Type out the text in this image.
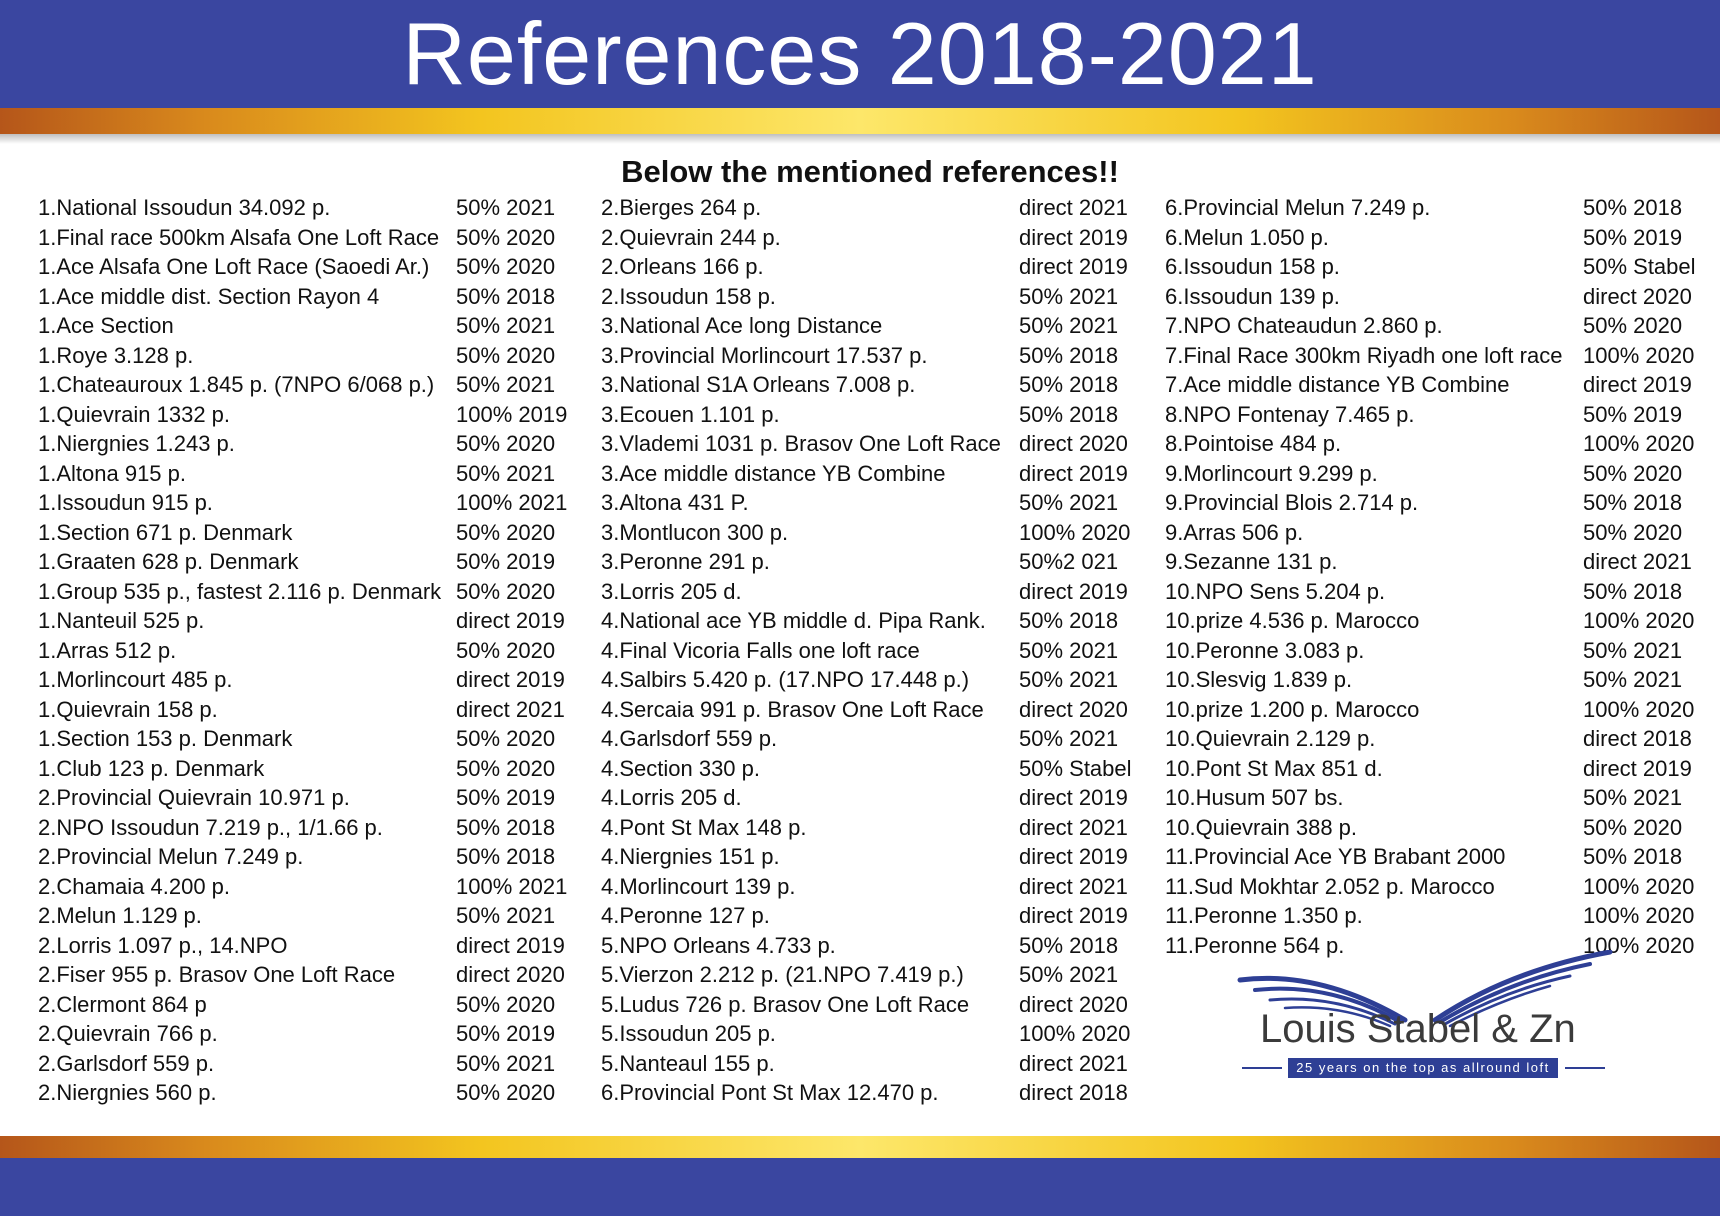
References 2018-2021
Below the mentioned references!!
1.National Issoudun 34.092 p.	50% 2021
1.Final race 500km Alsafa One Loft Race 50% 2020
1.Ace Alsafa One Loft Race (Saoedi Ar.) 50% 2020
1.Ace middle dist. Section Rayon 4	50% 2018
1.Ace Section	50% 2021
1.Roye 3.128 p.	50% 2020
1.Chateauroux 1.845 p. (7NPO 6/068 p.) 50% 2021
1.Quievrain 1332 p.	100% 2019
1.Niergnies 1.243 p.	50% 2020
1.Altona 915 p.	50% 2021
1.Issoudun 915 p.	100% 2021
1.Section 671 p. Denmark	50% 2020
1.Graaten 628 p. Denmark	50% 2019
1.Group 535 p., fastest 2.116 p. Denmark 50% 2020
1.Nanteuil 525 p.	direct 2019
1.Arras 512 p.	50% 2020
1.Morlincourt 485 p.	direct 2019
1.Quievrain 158 p.	direct 2021
1.Section 153 p. Denmark	50% 2020
1.Club 123 p. Denmark	50% 2020
2.Provincial Quievrain 10.971 p.	50% 2019
2.NPO Issoudun 7.219 p., 1/1.66 p.	50% 2018
2.Provincial Melun 7.249 p.	50% 2018
2.Chamaia 4.200 p.	100% 2021
2.Melun 1.129 p.	50% 2021
2.Lorris 1.097 p., 14.NPO	direct 2019
2.Fiser 955 p. Brasov One Loft Race	direct 2020
2.Clermont 864 p	50% 2020
2.Quievrain 766 p.	50% 2019
2.Garlsdorf 559 p.	50% 2021
2.Niergnies 560 p.	50% 2020
2.Bierges 264 p.	direct 2021
2.Quievrain 244 p.	direct 2019
2.Orleans 166 p.	direct 2019
2.Issoudun 158 p.	50% 2021
3.National Ace long Distance	50% 2021
3.Provincial Morlincourt 17.537 p.	50% 2018
3.National S1A Orleans 7.008 p.	50% 2018
3.Ecouen 1.101 p.	50% 2018
3.Vlademi 1031 p. Brasov One Loft Race direct 2020
3.Ace middle distance YB Combine	direct 2019
3.Altona 431 P.	50% 2021
3.Montlucon 300 p.	100% 2020
3.Peronne 291 p.	50%2 021
3.Lorris 205 d.	direct 2019
4.National ace YB middle d. Pipa Rank. 50% 2018
4.Final Vicoria Falls one loft race	50% 2021
4.Salbirs 5.420 p. (17.NPO 17.448 p.) 50% 2021
4.Sercaia 991 p. Brasov One Loft Race direct 2020
4.Garlsdorf 559 p.	50% 2021
4.Section 330 p.	50% Stabel
4.Lorris 205 d.	direct 2019
4.Pont St Max 148 p.	direct 2021
4.Niergnies 151 p.	direct 2019
4.Morlincourt 139 p.	direct 2021
4.Peronne 127 p.	direct 2019
5.NPO Orleans 4.733 p.	50% 2018
5.Vierzon 2.212 p. (21.NPO 7.419 p.)	50% 2021
5.Ludus 726 p. Brasov One Loft Race direct 2020
5.Issoudun 205 p.	100% 2020
5.Nanteaul 155 p.	direct 2021
6.Provincial Pont St Max 12.470 p.	direct 2018
6.Provincial Melun 7.249 p.	50% 2018
6.Melun 1.050 p.	50% 2019
6.Issoudun 158 p.	50% Stabel
6.Issoudun 139 p.	direct 2020
7.NPO Chateaudun 2.860 p.	50% 2020
7.Final Race 300km Riyadh one loft race 100% 2020
7.Ace middle distance YB Combine	direct 2019
8.NPO Fontenay 7.465 p.	50% 2019
8.Pointoise 484 p.	100% 2020
9.Morlincourt 9.299 p.	50% 2020
9.Provincial Blois 2.714 p.	50% 2018
9.Arras 506 p.	50% 2020
9.Sezanne 131 p.	direct 2021
10.NPO Sens 5.204 p.	50% 2018
10.prize 4.536 p. Marocco	100% 2020
10.Peronne 3.083 p.	50% 2021
10.Slesvig 1.839 p.	50% 2021
10.prize 1.200 p. Marocco	100% 2020
10.Quievrain 2.129 p.	direct 2018
10.Pont St Max 851 d.	direct 2019
10.Husum 507 bs.	50% 2021
10.Quievrain 388 p.	50% 2020
11.Provincial Ace YB Brabant 2000	50% 2018
11.Sud Mokhtar 2.052 p. Marocco	100% 2020
11.Peronne 1.350 p.	100% 2020
11.Peronne 564 p.	100% 2020
Louis Stabel & Zn
25 years on the top as allround loft
